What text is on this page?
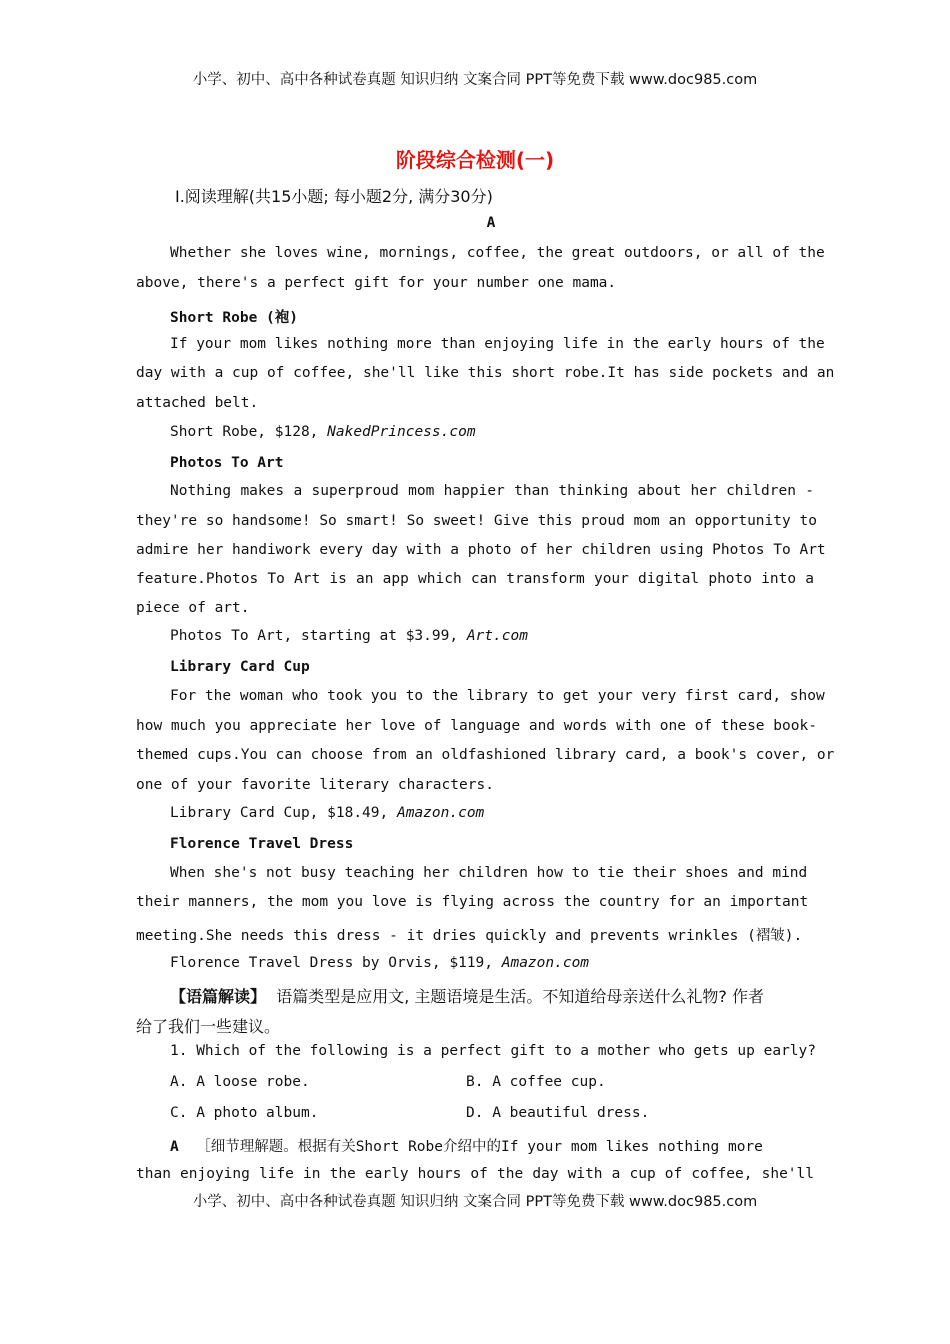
小学、初中、高中各种试卷真题 知识归纳 文案合同 PPT等免费下载 www.doc985.com
阶段综合检测(一)
Ⅰ.阅读理解(共15小题; 每小题2分, 满分30分)
A
Whether she loves wine, mornings, coffee, the great outdoors, or all of the
above, there's a perfect gift for your number one mama.
Short Robe (袍)
If your mom likes nothing more than enjoying life in the early hours of the
day with a cup of coffee, she'll like this short robe.It has side pockets and an
attached belt.
Short Robe, $128, NakedPrincess.com
Photos To Art
Nothing makes a superproud mom happier than thinking about her children -
they're so handsome! So smart! So sweet! Give this proud mom an opportunity to
admire her handiwork every day with a photo of her children using Photos To Art
feature.Photos To Art is an app which can transform your digital photo into a
piece of art.
Photos To Art, starting at $3.99, Art.com
Library Card Cup
For the woman who took you to the library to get your very first card, show
how much you appreciate her love of language and words with one of these book-
themed cups.You can choose from an oldfashioned library card, a book's cover, or
one of your favorite literary characters.
Library Card Cup, $18.49, Amazon.com
Florence Travel Dress
When she's not busy teaching her children how to tie their shoes and mind
their manners, the mom you love is flying across the country for an important
meeting.She needs this dress - it dries quickly and prevents wrinkles (褶皱).
Florence Travel Dress by Orvis, $119, Amazon.com
【语篇解读】 语篇类型是应用文, 主题语境是生活。不知道给母亲送什么礼物? 作者
给了我们一些建议。
1. Which of the following is a perfect gift to a mother who gets up early?
A. A loose robe.	B. A coffee cup.
C. A photo album.	D. A beautiful dress.
A ［细节理解题。根据有关Short Robe介绍中的If your mom likes nothing more
than enjoying life in the early hours of the day with a cup of coffee, she'll
小学、初中、高中各种试卷真题 知识归纳 文案合同 PPT等免费下载 www.doc985.com
